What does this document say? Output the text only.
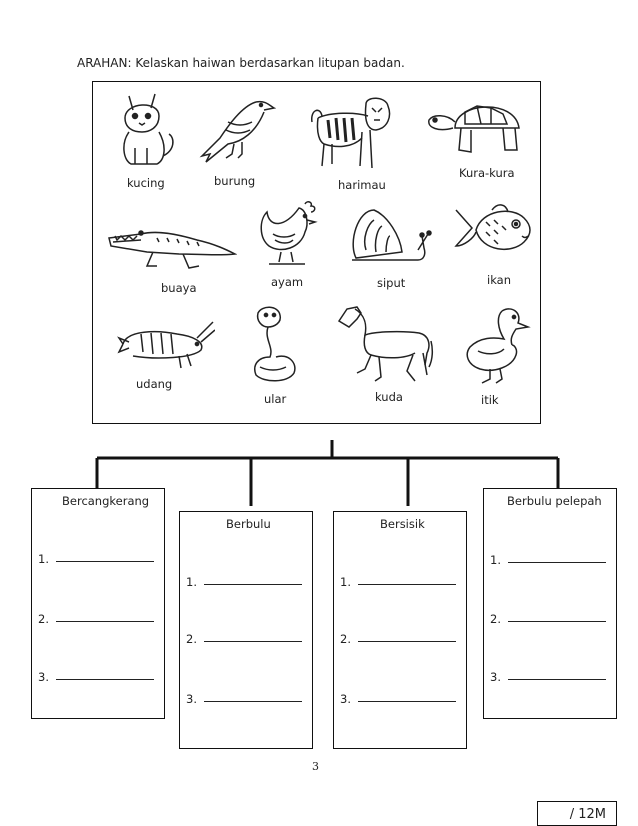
ARAHAN: Kelaskan haiwan berdasarkan litupan badan.
kucing	burung	harimau
Kura-kura
buaya	ayam	siput	ikan
udang
ular	kuda	itik
Bercangkerang
1.
2.
3.
Berbulu
1.
2.
3.
Bersisik
1.
2.
3.
Berbulu pelepah
1.
2.
3.
3
/ 12M
